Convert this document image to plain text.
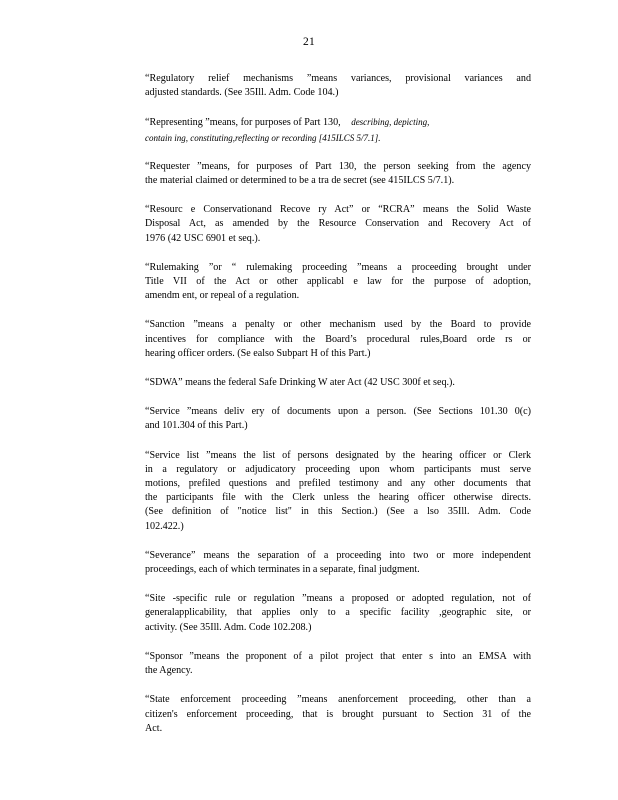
21
“Regulatory relief mechanisms ”means variances, provisional variances and
adjusted standards. (See 35Ill. Adm. Code 104.)
“Representing ”means, for purposes of Part 130, describing, depicting,
contain ing, constituting,reflecting or recording [415ILCS 5/7.1].
“Requester ”means, for purposes of Part 130, the person seeking from the agency
the material claimed or determined to be a tra de secret (see 415ILCS 5/7.1).
“Resourc e Conservationand Recove ry Act” or “RCRA” means the Solid Waste
Disposal Act, as amended by the Resource Conservation and Recovery Act of
1976 (42 USC 6901 et seq.).
“Rulemaking ”or “ rulemaking proceeding ”means a proceeding brought under
Title VII of the Act or other applicabl e law for the purpose of adoption,
amendm ent, or repeal of a regulation.
“Sanction ”means a penalty or other mechanism used by the Board to provide
incentives for compliance with the Board’s procedural rules,Board orde rs or
hearing officer orders. (Se ealso Subpart H of this Part.)
“SDWA” means the federal Safe Drinking W ater Act (42 USC 300f et seq.).
“Service ”means deliv ery of documents upon a person. (See Sections 101.30 0(c)
and 101.304 of this Part.)
“Service list ”means the list of persons designated by the hearing officer or Clerk
in a regulatory or adjudicatory proceeding upon whom participants must serve
motions, prefiled questions and prefiled testimony and any other documents that
the participants file with the Clerk unless the hearing officer otherwise directs.
(See definition of "notice list" in this Section.) (See a lso 35Ill. Adm. Code
102.422.)
“Severance” means the separation of a proceeding into two or more independent
proceedings, each of which terminates in a separate, final judgment.
“Site -specific rule or regulation ”means a proposed or adopted regulation, not of
generalapplicability, that applies only to a specific facility ,geographic site, or
activity. (See 35Ill. Adm. Code 102.208.)
“Sponsor ”means the proponent of a pilot project that enter s into an EMSA with
the Agency.
“State enforcement proceeding ”means anenforcement proceeding, other than a
citizen's enforcement proceeding, that is brought pursuant to Section 31 of the
Act.
